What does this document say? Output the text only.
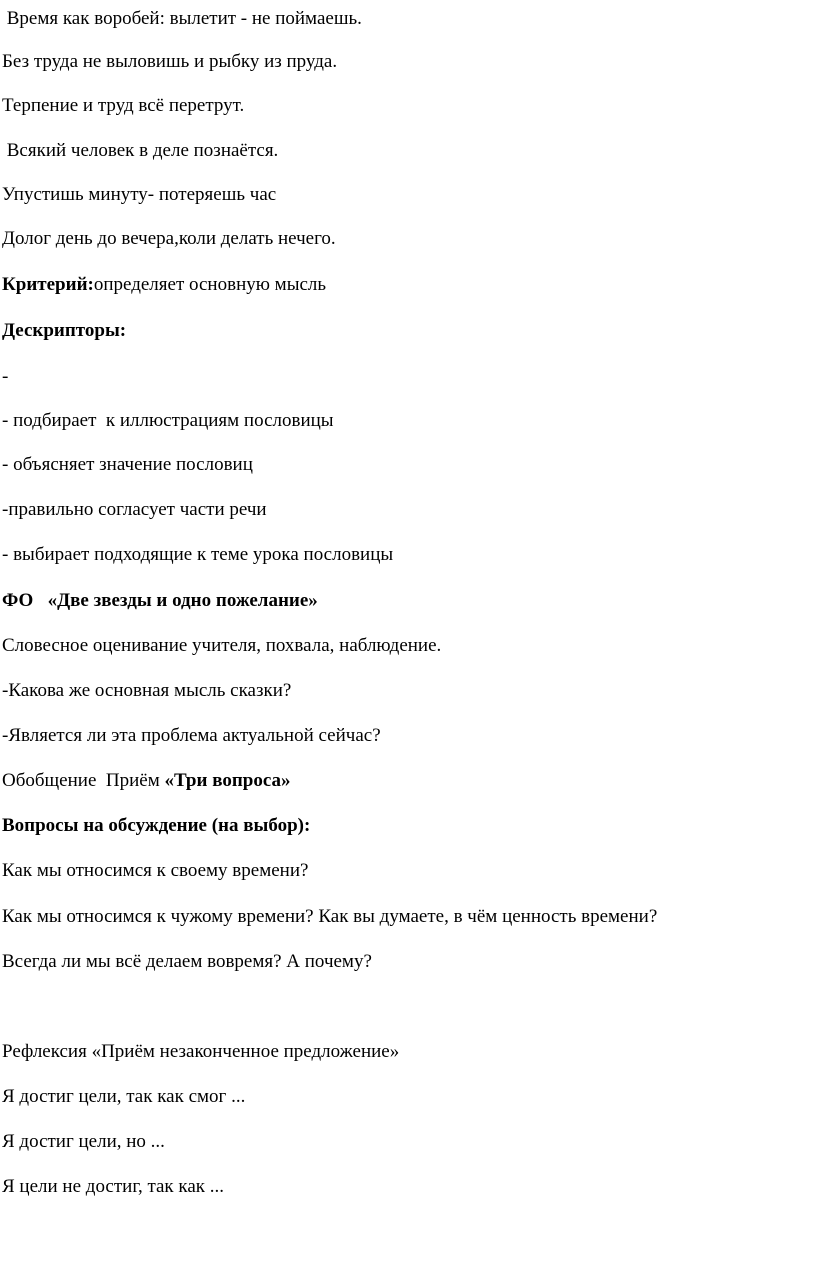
Время как воробей: вылетит - не поймаешь.

Без труда не выловишь и рыбку из пруда.

Терпение и труд всё перетрут.

Всякий человек в деле познаётся.

Упустишь минуту- потеряешь час

Долог день до вечера,коли делать нечего.

Критерий:определяет основную мысль

Дескрипторы:

-

- подбирает  к иллюстрациям пословицы

- объясняет значение пословиц

-правильно согласует части речи

- выбирает подходящие к теме урока пословицы

ФО   «Две звезды и одно пожелание»

Словесное оценивание учителя, похвала, наблюдение.

-Какова же основная мысль сказки?

-Является ли эта проблема актуальной сейчас?

Обобщение  Приём «Три вопроса»

Вопросы на обсуждение (на выбор):

Как мы относимся к своему времени?

Как мы относимся к чужому времени? Как вы думаете, в чём ценность времени?

Всегда ли мы всё делаем вовремя? А почему?

Рефлексия «Приём незаконченное предложение»

Я достиг цели, так как смог ...

Я достиг цели, но ...

Я цели не достиг, так как ...
